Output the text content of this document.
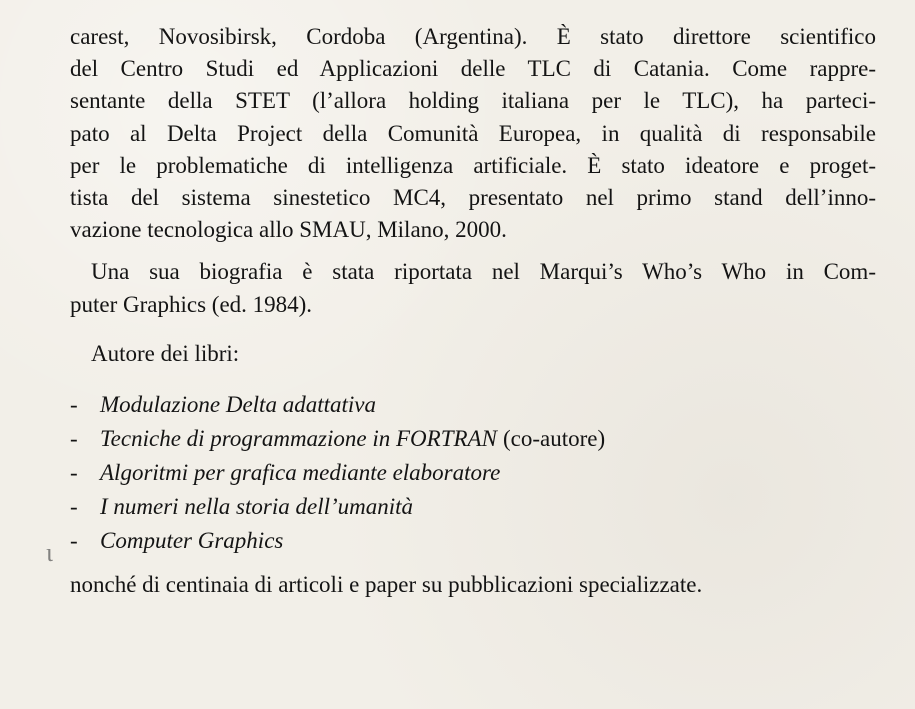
ɩ
carest, Novosibirsk, Cordoba (Argentina). È stato direttore scientifico
del Centro Studi ed Applicazioni delle TLC di Catania. Come rappre-
sentante della STET (l’allora holding italiana per le TLC), ha parteci-
pato al Delta Project della Comunità Europea, in qualità di responsabile
per le problematiche di intelligenza artificiale. È stato ideatore e proget-
tista del sistema sinestetico MC4, presentato nel primo stand dell’inno-
vazione tecnologica allo SMAU, Milano, 2000.
Una sua biografia è stata riportata nel Marqui’s Who’s Who in Com-
puter Graphics (ed. 1984).
Autore dei libri:
- Modulazione Delta adattativa
- Tecniche di programmazione in FORTRAN (co-autore)
- Algoritmi per grafica mediante elaboratore
- I numeri nella storia dell’umanità
- Computer Graphics
nonché di centinaia di articoli e paper su pubblicazioni specializzate.
